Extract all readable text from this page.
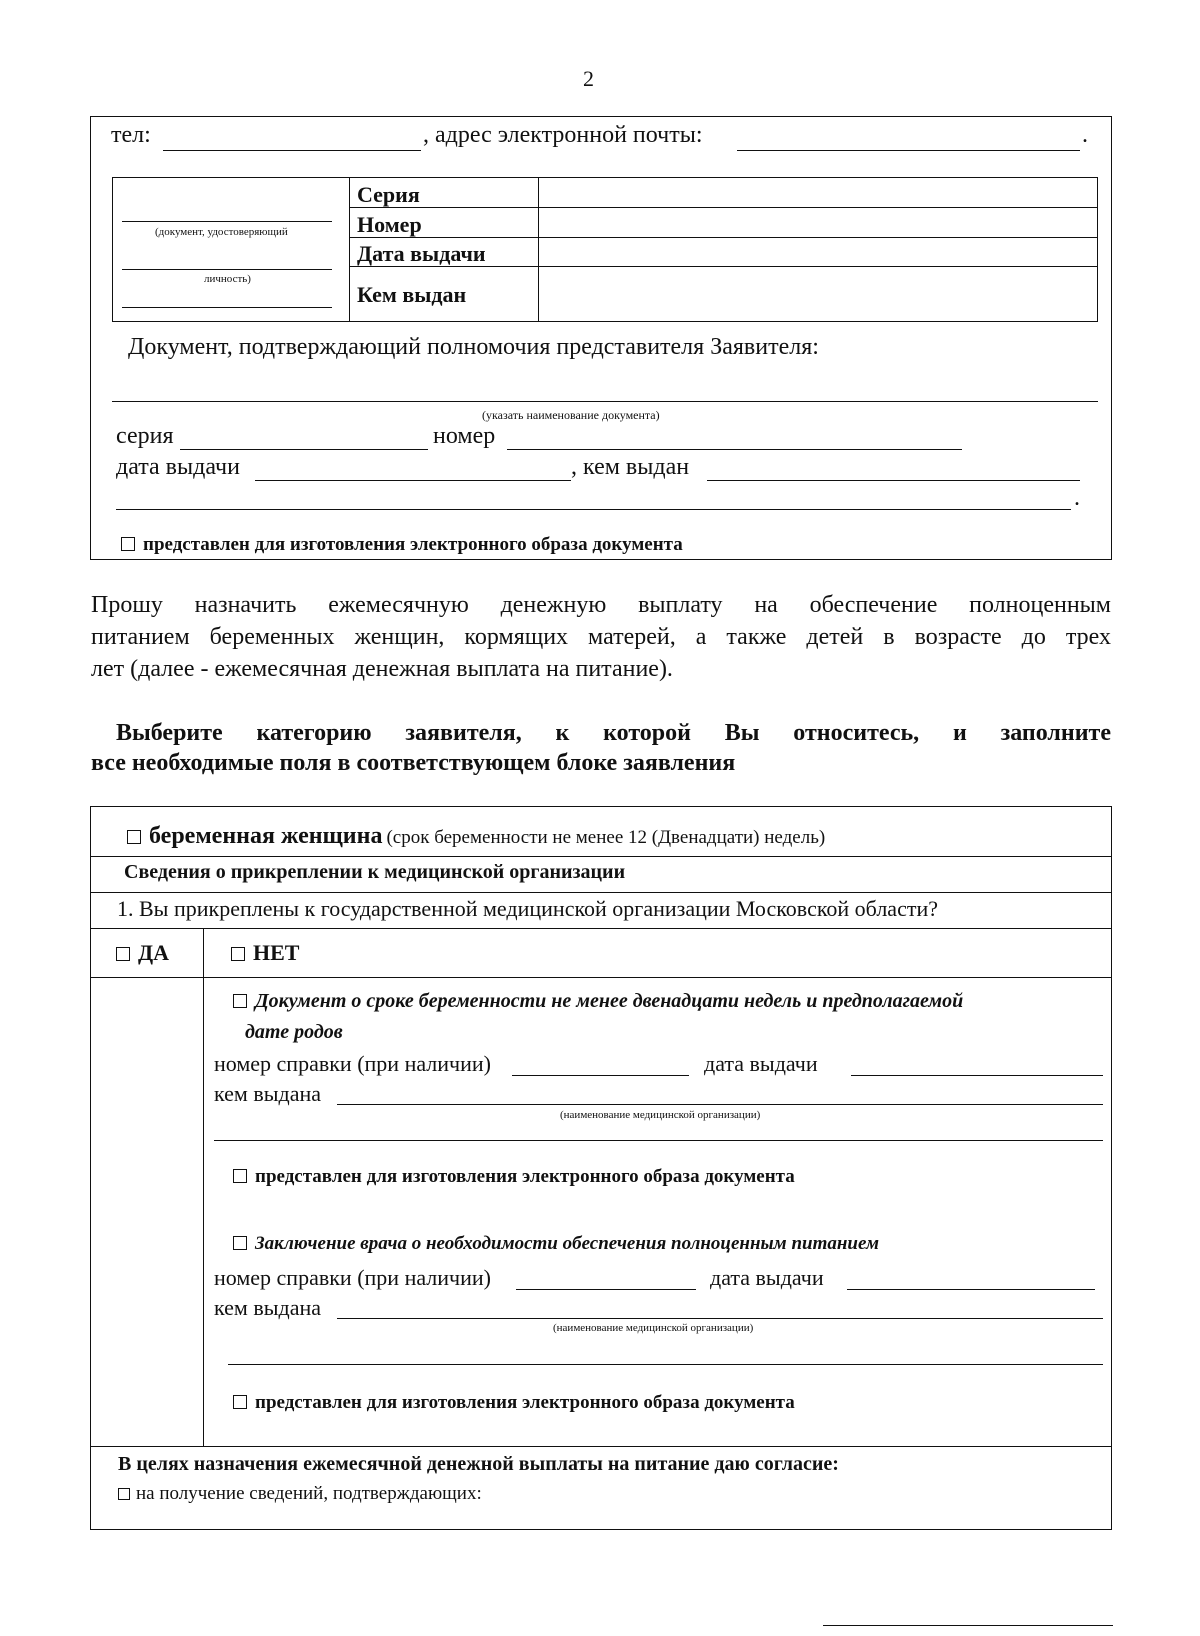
2
тел:	, адрес электронной почты:	.
(документ, удостоверяющий
личность)
Серия
Номер
Дата выдачи
Кем выдан
Документ, подтверждающий полномочия представителя Заявителя:
(указать наименование документа)
серия	номер
дата выдачи	, кем выдан
.
представлен для изготовления электронного образа документа
Прошу назначить ежемесячную денежную выплату на обеспечение полноценным
питанием беременных женщин, кормящих матерей, а также детей в возрасте до трех
лет (далее - ежемесячная денежная выплата на питание).
Выберите категорию заявителя, к которой Вы относитесь, и заполните
все необходимые поля в соответствующем блоке заявления
беременная женщина (срок беременности не менее 12 (Двенадцати) недель)
Сведения о прикреплении к медицинской организации
1. Вы прикреплены к государственной медицинской организации Московской области?
ДА	НЕТ
Документ о сроке беременности не менее двенадцати недель и предполагаемой
дате родов
номер справки (при наличии)	дата выдачи
кем выдана
(наименование медицинской организации)
представлен для изготовления электронного образа документа
Заключение врача о необходимости обеспечения полноценным питанием
номер справки (при наличии)	дата выдачи
кем выдана
(наименование медицинской организации)
представлен для изготовления электронного образа документа
В целях назначения ежемесячной денежной выплаты на питание даю согласие:
на получение сведений, подтверждающих:
